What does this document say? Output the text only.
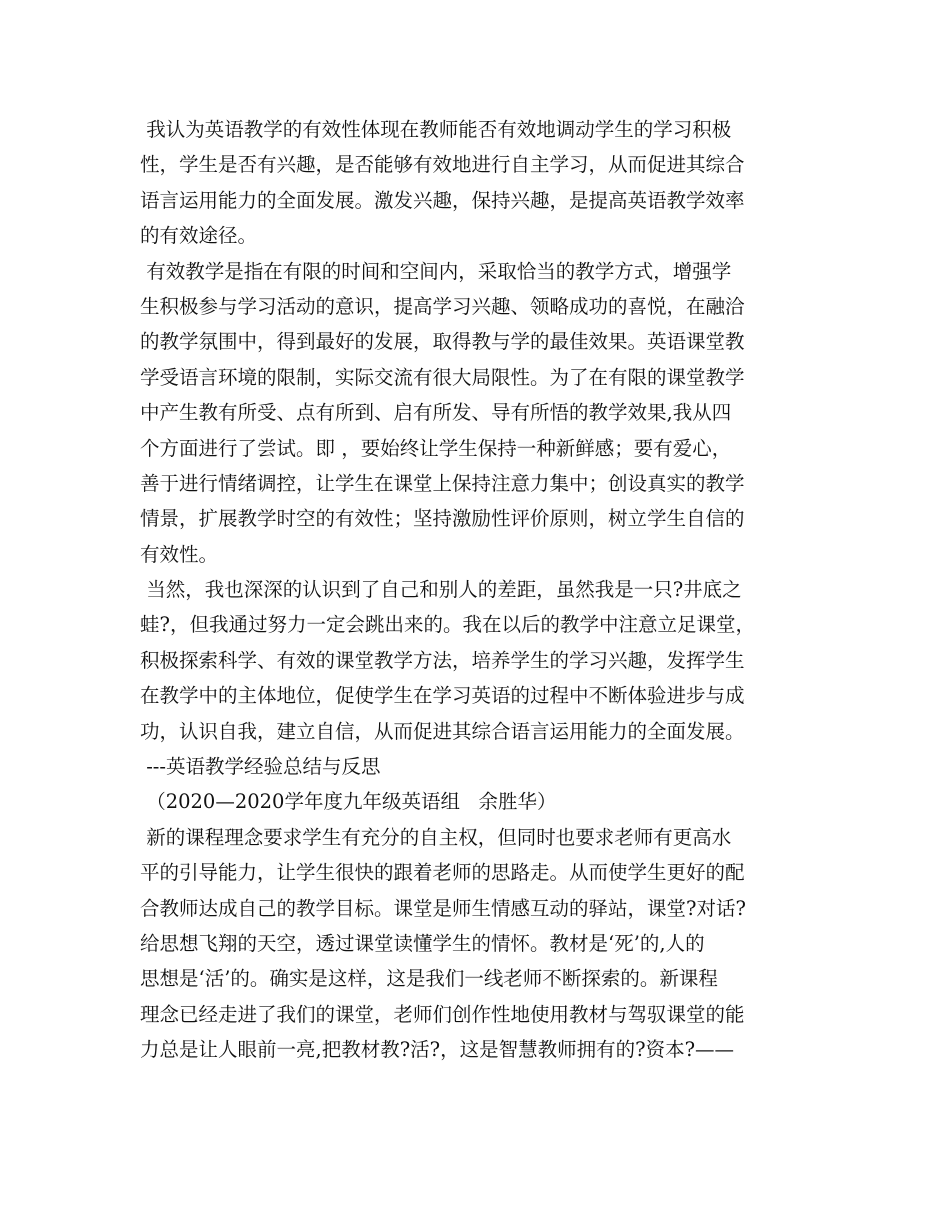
我认为英语教学的有效性体现在教师能否有效地调动学生的学习积极
性，学生是否有兴趣，是否能够有效地进行自主学习，从而促进其综合
语言运用能力的全面发展。激发兴趣，保持兴趣，是提高英语教学效率
的有效途径。
有效教学是指在有限的时间和空间内，采取恰当的教学方式，增强学
生积极参与学习活动的意识，提高学习兴趣、领略成功的喜悦，在融洽
的教学氛围中，得到最好的发展，取得教与学的最佳效果。英语课堂教
学受语言环境的限制，实际交流有很大局限性。为了在有限的课堂教学
中产生教有所受、点有所到、启有所发、导有所悟的教学效果,我从四
个方面进行了尝试。即 ，要始终让学生保持一种新鲜感；要有爱心，
善于进行情绪调控，让学生在课堂上保持注意力集中；创设真实的教学
情景，扩展教学时空的有效性；坚持激励性评价原则，树立学生自信的
有效性。
当然，我也深深的认识到了自己和别人的差距，虽然我是一只?井底之
蛙?，但我通过努力一定会跳出来的。我在以后的教学中注意立足课堂，
积极探索科学、有效的课堂教学方法，培养学生的学习兴趣，发挥学生
在教学中的主体地位，促使学生在学习英语的过程中不断体验进步与成
功，认识自我，建立自信，从而促进其综合语言运用能力的全面发展。
---英语教学经验总结与反思
（2020—2020学年度九年级英语组   余胜华）
新的课程理念要求学生有充分的自主权，但同时也要求老师有更高水
平的引导能力，让学生很快的跟着老师的思路走。从而使学生更好的配
合教师达成自己的教学目标。课堂是师生情感互动的驿站，课堂?对话?
给思想飞翔的天空，透过课堂读懂学生的情怀。教材是‘死’的,人的
思想是‘活’的。确实是这样，这是我们一线老师不断探索的。新课程
理念已经走进了我们的课堂，老师们创作性地使用教材与驾驭课堂的能
力总是让人眼前一亮,把教材教?活?，这是智慧教师拥有的?资本?——
